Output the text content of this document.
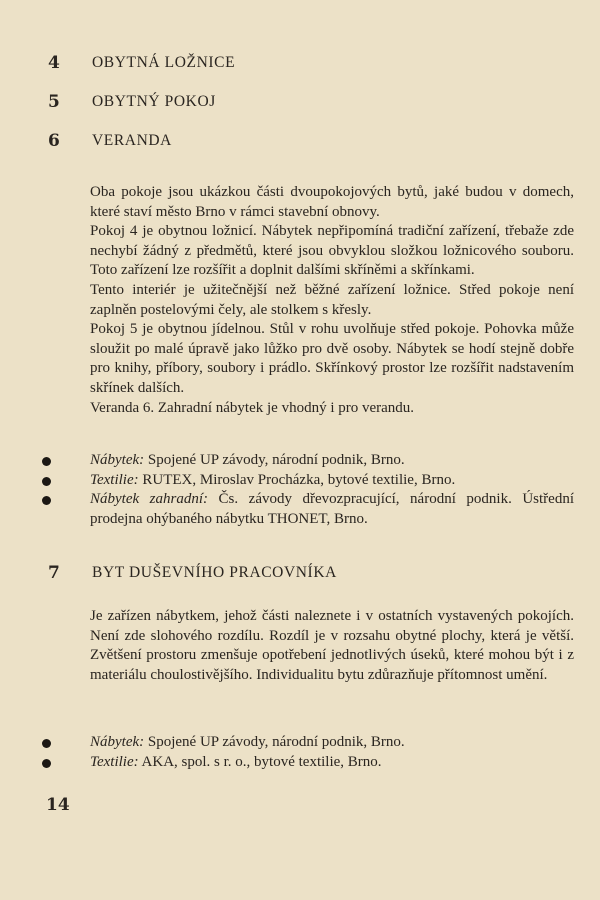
4	OBYTNÁ LOŽNICE
5	OBYTNÝ POKOJ
6	VERANDA

Oba pokoje jsou ukázkou části dvoupokojových bytů, jaké budou v domech, které staví město Brno v rámci stavební obnovy.

Pokoj 4 je obytnou ložnicí. Nábytek nepřipomíná tradiční zařízení, třebaže zde nechybí žádný z předmětů, které jsou obvyklou složkou ložnicového souboru. Toto zařízení lze rozšířit a doplnit dalšími skříněmi a skřínkami.

Tento interiér je užitečnější než běžné zařízení ložnice. Střed pokoje není zaplněn postelovými čely, ale stolkem s křesly.

Pokoj 5 je obytnou jídelnou. Stůl v rohu uvolňuje střed pokoje. Pohovka může sloužit po malé úpravě jako lůžko pro dvě osoby. Nábytek se hodí stejně dobře pro knihy, příbory, soubory i prádlo. Skřínkový prostor lze rozšířit nadstavením skřínek dalších.

Veranda 6. Zahradní nábytek je vhodný i pro verandu.

Nábytek: Spojené UP závody, národní podnik, Brno.
Textilie: RUTEX, Miroslav Procházka, bytové textilie, Brno.
Nábytek zahradní: Čs. závody dřevozpracující, národní podnik. Ústřední prodejna ohýbaného nábytku THONET, Brno.
7	BYT DUŠEVNÍHO PRACOVNÍKA

Je zařízen nábytkem, jehož části naleznete i v ostatních vystavených pokojích. Není zde slohového rozdílu. Rozdíl je v rozsahu obytné plochy, která je větší. Zvětšení prostoru zmenšuje opotřebení jednotlivých úseků, které mohou být i z materiálu choulostivějšího. Individualitu bytu zdůrazňuje přítomnost umění.

Nábytek: Spojené UP závody, národní podnik, Brno.
Textilie: AKA, spol. s r. o., bytové textilie, Brno.
14
